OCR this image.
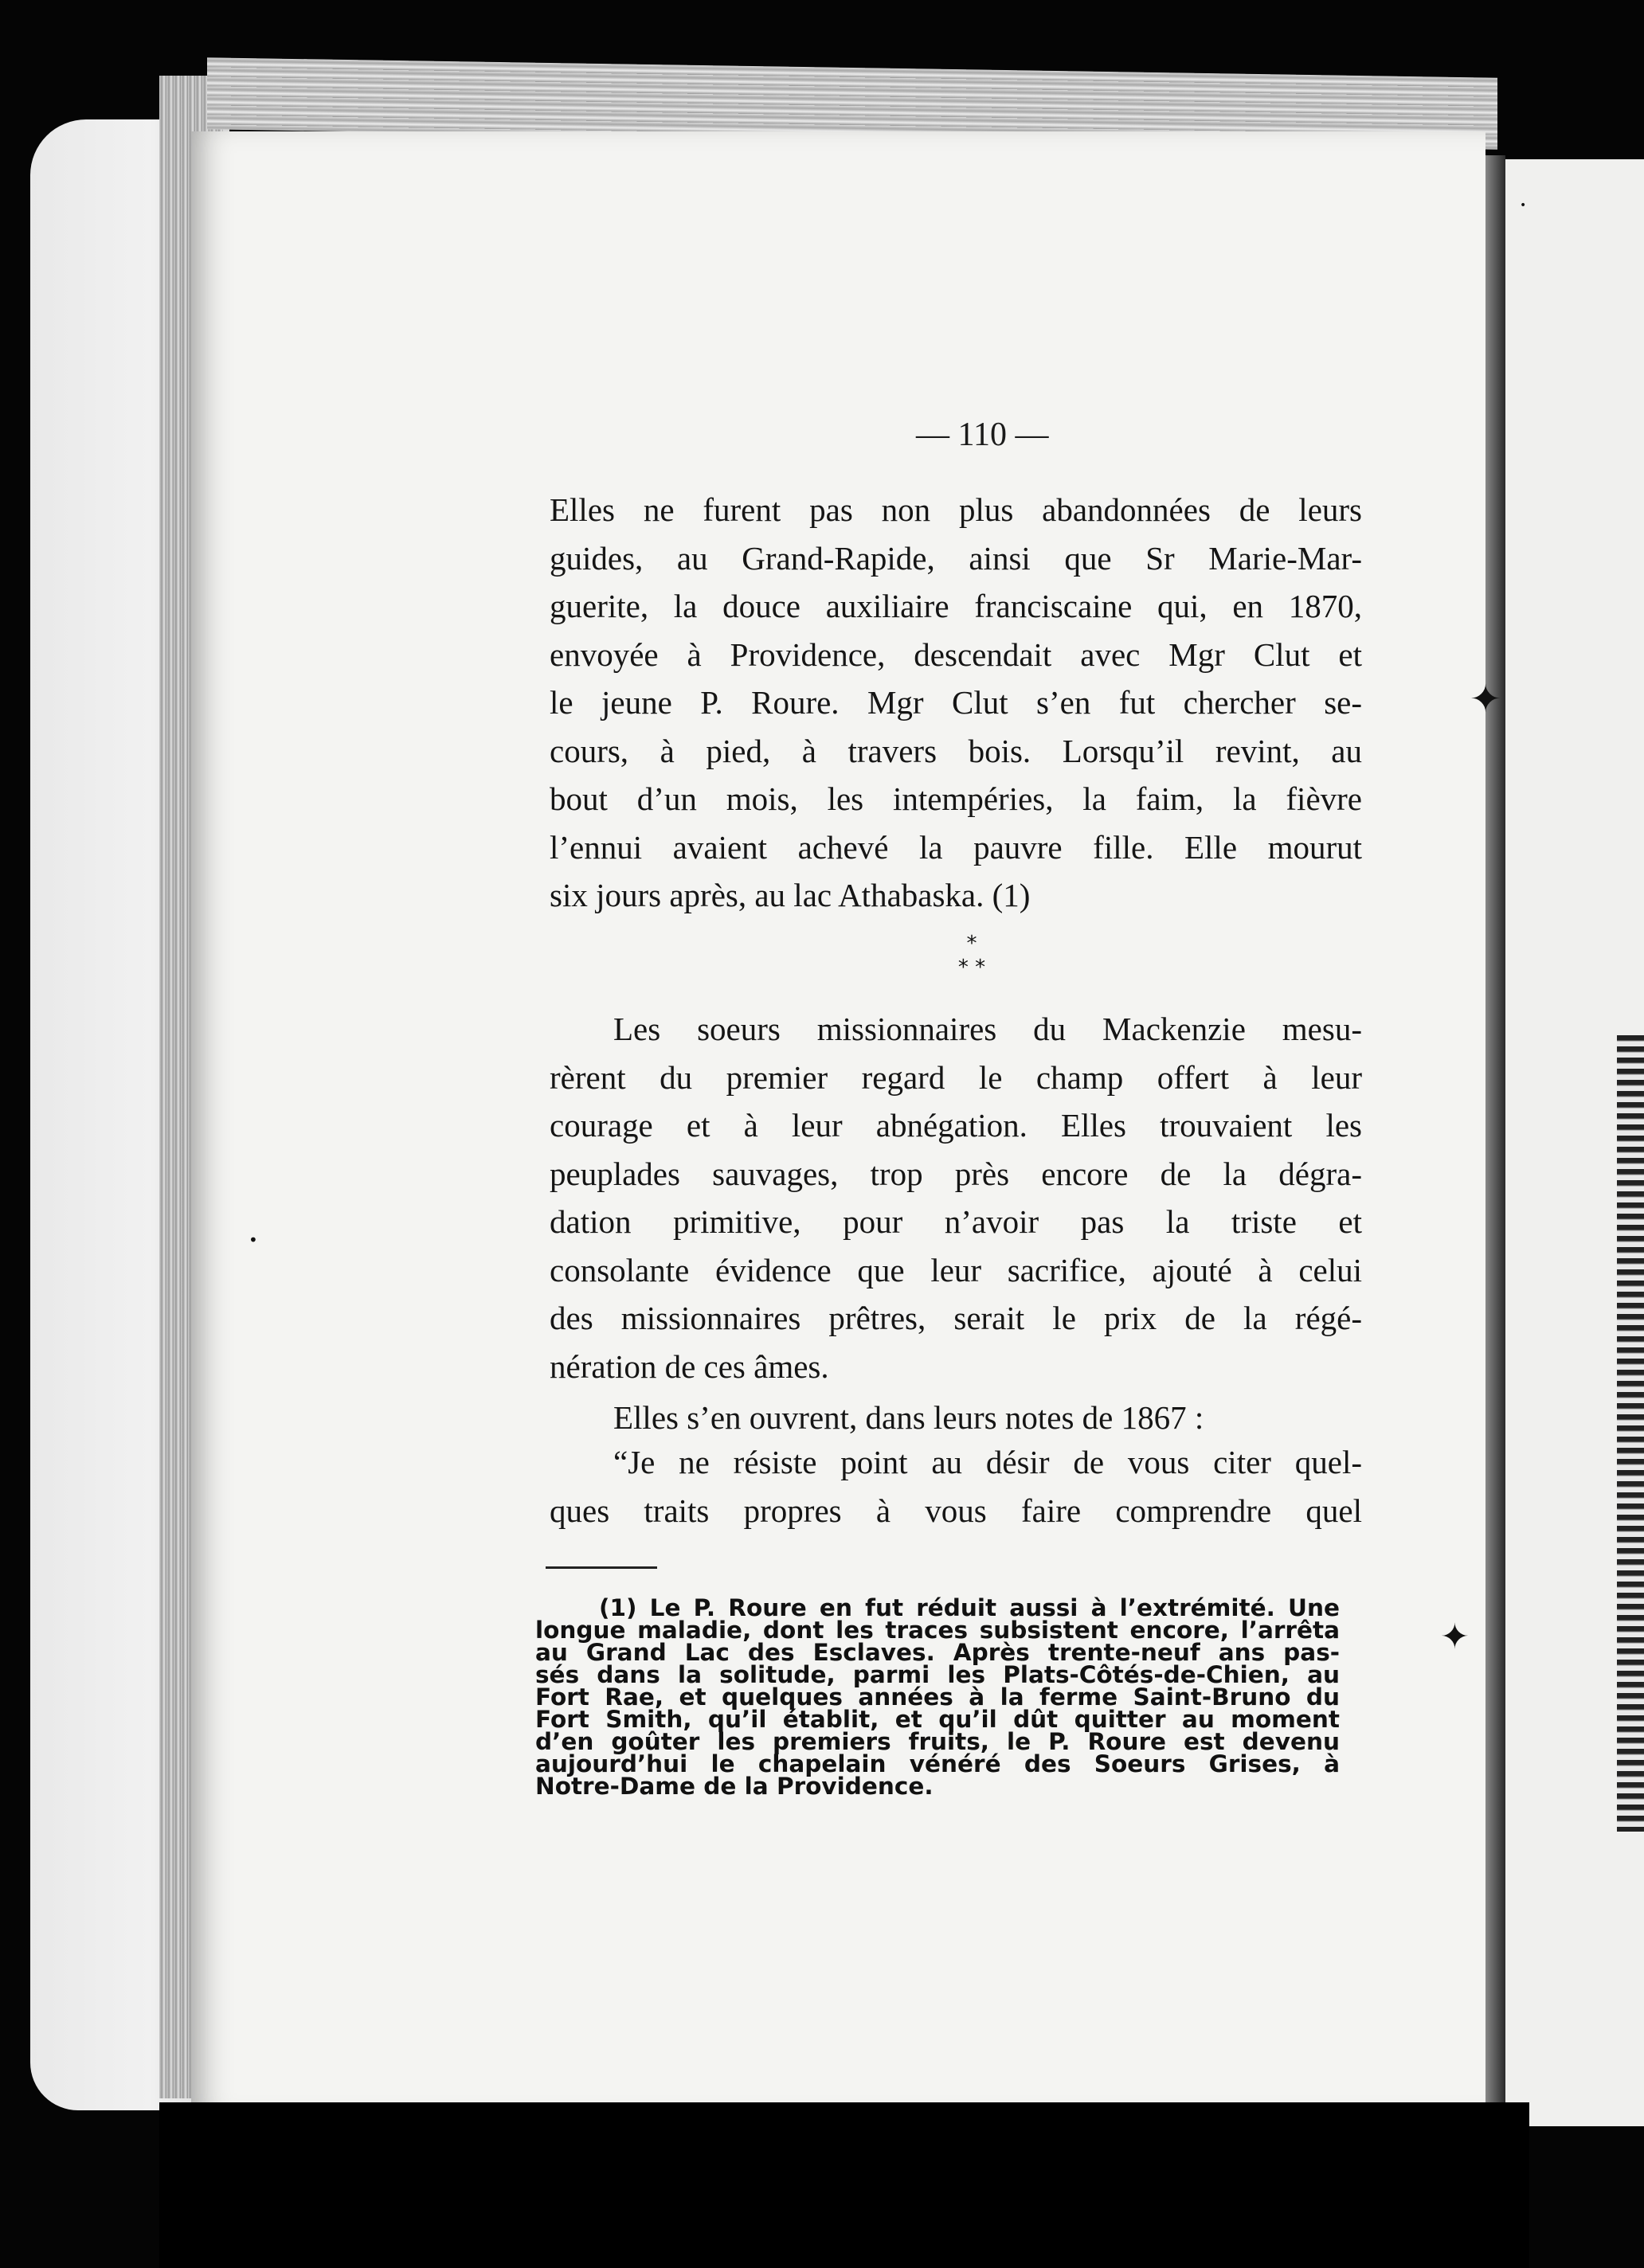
— 110 —
Elles ne furent pas non plus abandonnées de leurs
guides, au Grand-Rapide, ainsi que Sr Marie-Mar-
guerite, la douce auxiliaire franciscaine qui, en 1870,
envoyée à Providence, descendait avec Mgr Clut et
le jeune P. Roure. Mgr Clut s’en fut chercher se-
cours, à pied, à travers bois. Lorsqu’il revint, au
bout d’un mois, les intempéries, la faim, la fièvre
l’ennui avaient achevé la pauvre fille. Elle mourut
six jours après, au lac Athabaska. (1)
*
* *
Les soeurs missionnaires du Mackenzie mesu-
rèrent du premier regard le champ offert à leur
courage et à leur abnégation. Elles trouvaient les
peuplades sauvages, trop près encore de la dégra-
dation primitive, pour n’avoir pas la triste et
consolante évidence que leur sacrifice, ajouté à celui
des missionnaires prêtres, serait le prix de la régé-
nération de ces âmes.
Elles s’en ouvrent, dans leurs notes de 1867 :
“Je ne résiste point au désir de vous citer quel-
ques traits propres à vous faire comprendre quel
(1) Le P. Roure en fut réduit aussi à l’extrémité. Une
longue maladie, dont les traces subsistent encore, l’arrêta
au Grand Lac des Esclaves. Après trente-neuf ans pas-
sés dans la solitude, parmi les Plats-Côtés-de-Chien, au
Fort Rae, et quelques années à la ferme Saint-Bruno du
Fort Smith, qu’il établit, et qu’il dût quitter au moment
d’en goûter les premiers fruits, le P. Roure est devenu
aujourd’hui le chapelain vénéré des Soeurs Grises, à
Notre-Dame de la Providence.
✦
✦
•
•
